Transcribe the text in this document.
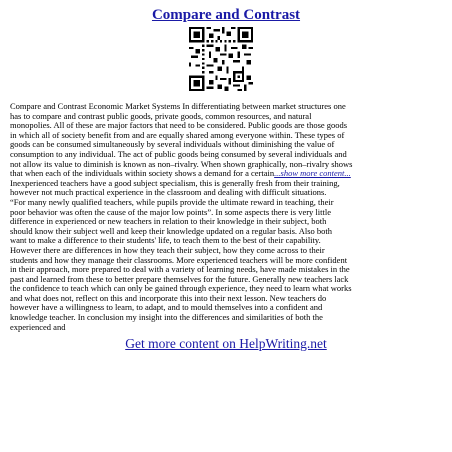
Compare and Contrast

Compare and Contrast Economic Market Systems In differentiating between market structures one
has to compare and contrast public goods, private goods, common resources, and natural
monopolies. All of these are major factors that need to be considered. Public goods are those goods
in which all of society benefit from and are equally shared among everyone within. These types of
goods can be consumed simultaneously by several individuals without diminishing the value of
consumption to any individual. The act of public goods being consumed by several individuals and
not allow its value to diminish is known as non–rivalry. When shown graphically, non–rivalry shows
that when each of the individuals within society shows a demand for a certain...show more content...
Inexperienced teachers have a good subject specialism, this is generally fresh from their training,
however not much practical experience in the classroom and dealing with difficult situations.
“For many newly qualified teachers, while pupils provide the ultimate reward in teaching, their
poor behavior was often the cause of the major low points”. In some aspects there is very little
difference in experienced or new teachers in relation to their knowledge in their subject, both
should know their subject well and keep their knowledge updated on a regular basis. Also both
want to make a difference to their students' life, to teach them to the best of their capability.
However there are differences in how they teach their subject, how they come across to their
students and how they manage their classrooms. More experienced teachers will be more confident
in their approach, more prepared to deal with a variety of learning needs, have made mistakes in the
past and learned from these to better prepare themselves for the future. Generally new teachers lack
the confidence to teach which can only be gained through experience, they need to learn what works
and what does not, reflect on this and incorporate this into their next lesson. New teachers do
however have a willingness to learn, to adapt, and to mould themselves into a confident and
knowledge teacher. In conclusion my insight into the differences and similarities of both the
experienced and

Get more content on HelpWriting.net
